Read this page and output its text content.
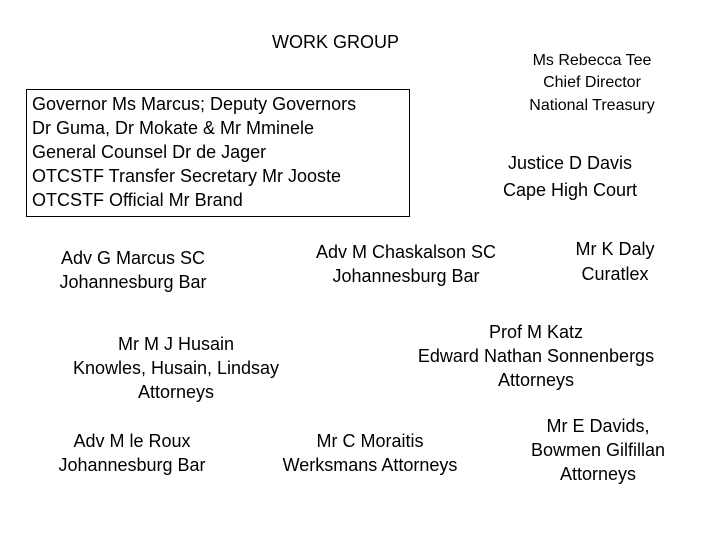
WORK GROUP
Governor Ms Marcus; Deputy Governors
Dr Guma, Dr Mokate & Mr Mminele
General Counsel Dr de Jager
OTCSTF Transfer Secretary Mr Jooste
OTCSTF Official Mr Brand
Ms Rebecca Tee
Chief Director
National Treasury
Justice D Davis
Cape High Court
Adv G Marcus SC
Johannesburg Bar
Adv M Chaskalson SC
Johannesburg Bar
Mr K Daly
Curatlex
Mr M J Husain
Knowles, Husain, Lindsay
Attorneys
Prof M Katz
Edward Nathan Sonnenbergs
Attorneys
Adv M le Roux
Johannesburg Bar
Mr C Moraitis
Werksmans Attorneys
Mr E Davids,
Bowmen Gilfillan
Attorneys
